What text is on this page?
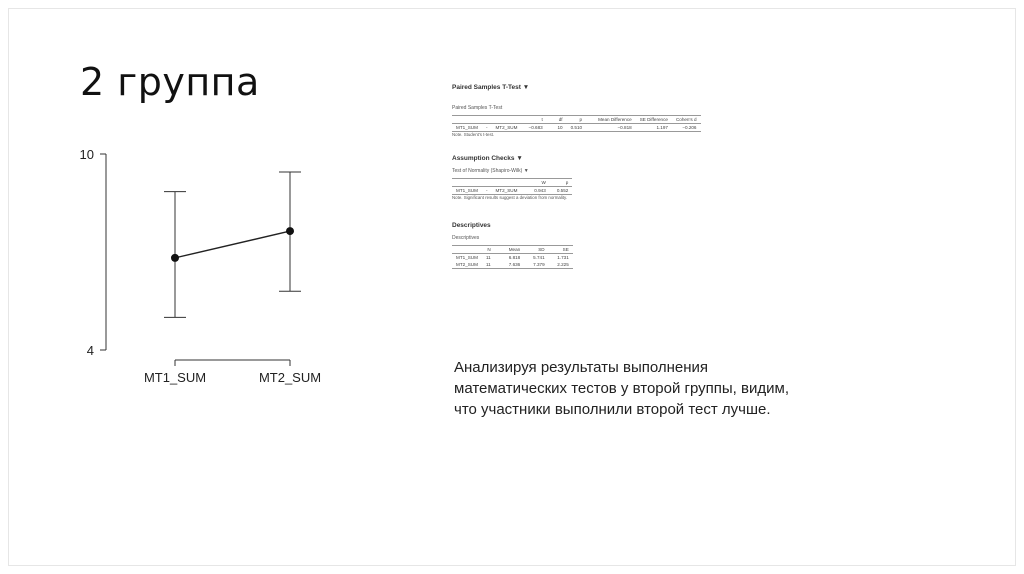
2 группа
10
4
MT1_SUM	MT2_SUM

Paired Samples T-Test ▼

Paired Samples T-Test

			t	df	p	Mean Difference	SE Difference	Cohen's d
MT1_SUM	-	MT2_SUM	−0.683	10	0.510	−0.818	1.197	−0.206

Note. Student's t-test.

Assumption Checks ▼

Test of Normality (Shapiro-Wilk) ▼

			W	p
MT1_SUM	-	MT2_SUM	0.943	0.552

Note. Significant results suggest a deviation from normality.

Descriptives

Descriptives

	N	Mean	SD	SE
MT1_SUM	11	6.818	5.741	1.731
MT2_SUM	11	7.636	7.379	2.225
Анализируя результаты выполнения
математических тестов у второй группы, видим,
что участники выполнили второй тест лучше.
